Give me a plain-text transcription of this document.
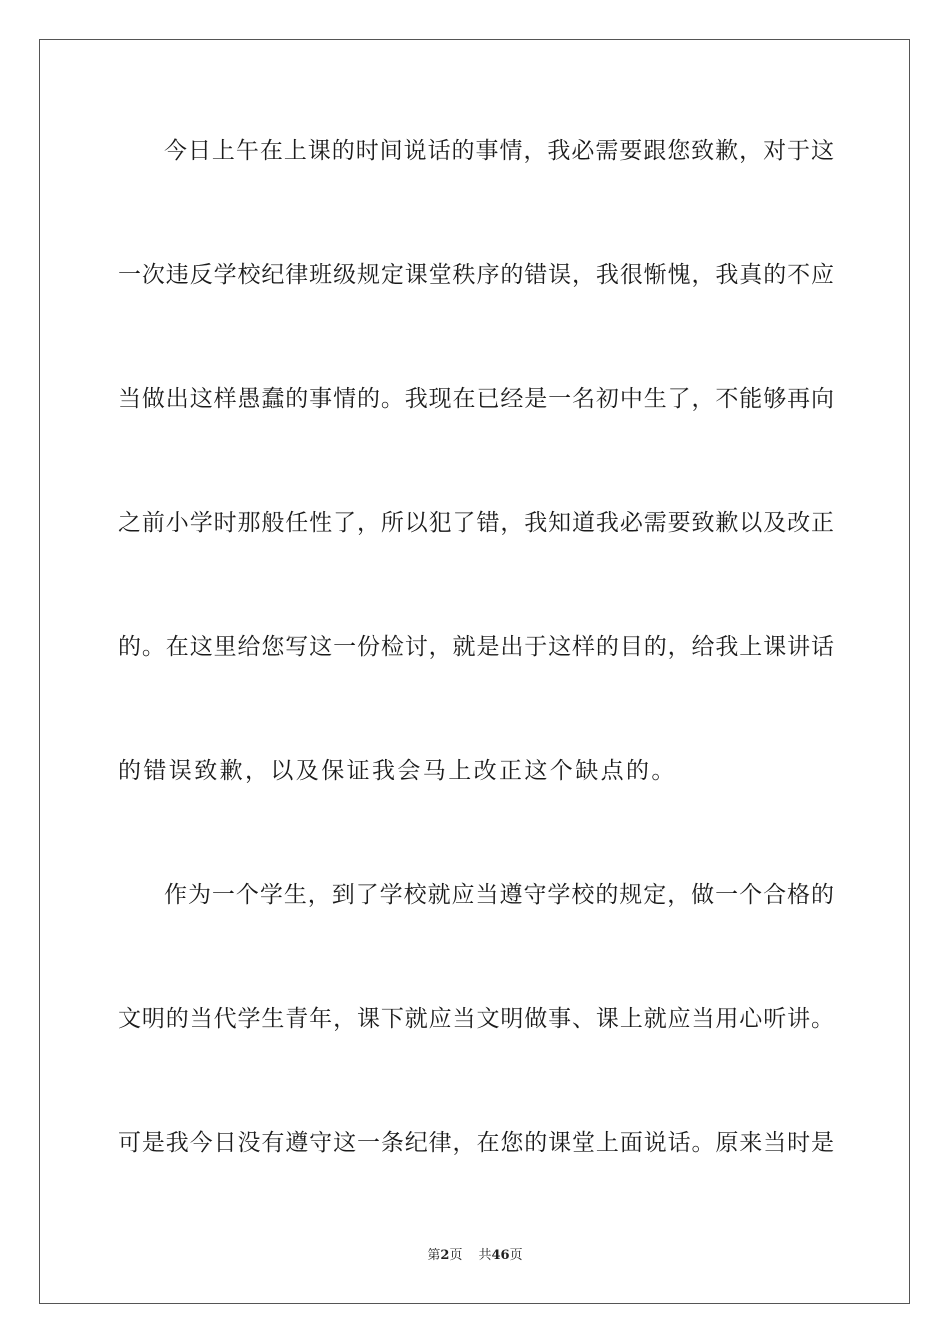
今日上午在上课的时间说话的事情，我必需要跟您致歉，对于这
一次违反学校纪律班级规定课堂秩序的错误，我很惭愧，我真的不应
当做出这样愚蠢的事情的。我现在已经是一名初中生了，不能够再向
之前小学时那般任性了，所以犯了错，我知道我必需要致歉以及改正
的。在这里给您写这一份检讨，就是出于这样的目的，给我上课讲话
的错误致歉，以及保证我会马上改正这个缺点的。
作为一个学生，到了学校就应当遵守学校的规定，做一个合格的
文明的当代学生青年，课下就应当文明做事、课上就应当用心听讲。
可是我今日没有遵守这一条纪律，在您的课堂上面说话。原来当时是
第2页 共46页
